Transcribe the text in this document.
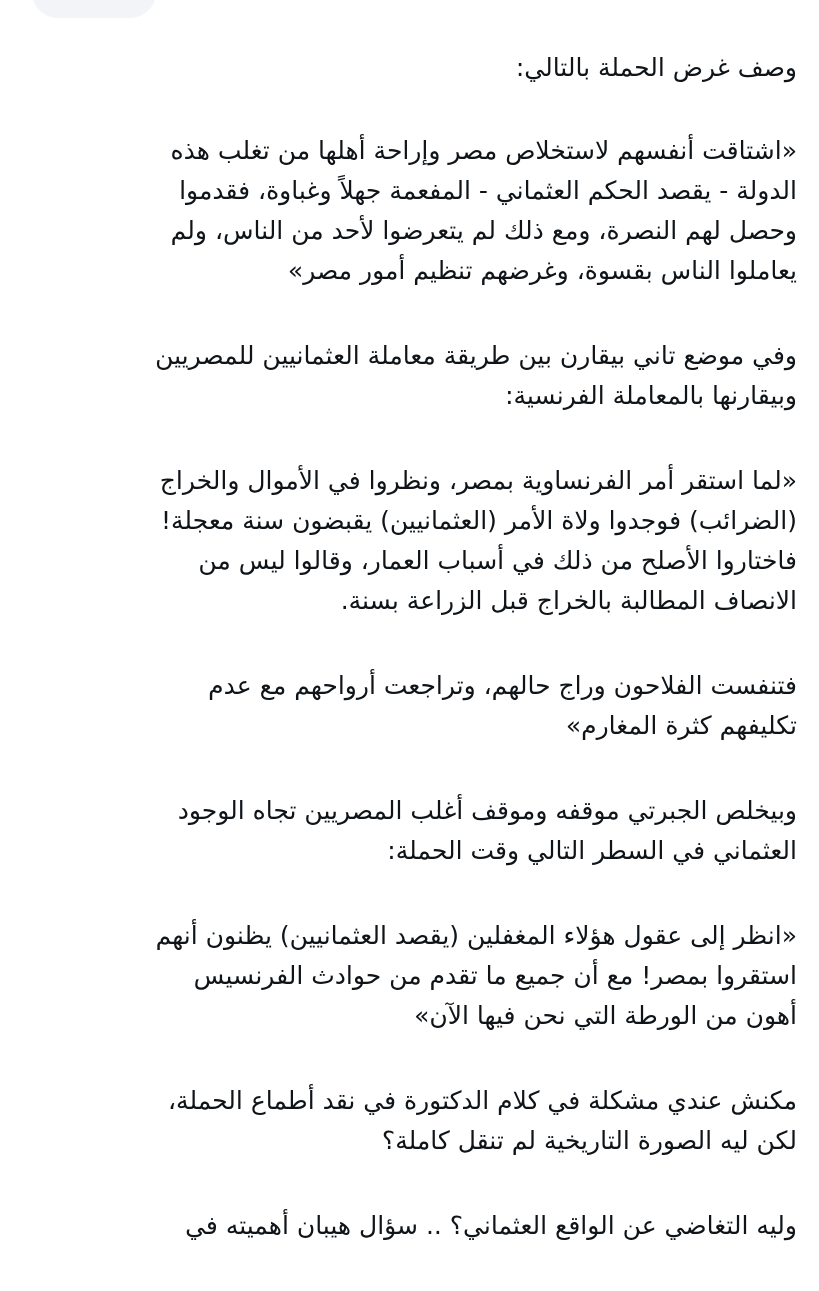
وصف غرض الحملة بالتالي:

«اشتاقت أنفسهم لاستخلاص مصر وإراحة أهلها من تغلب هذه
الدولة - يقصد الحكم العثماني - المفعمة جهلاً وغباوة، فقدموا
وحصل لهم النصرة، ومع ذلك لم يتعرضوا لأحد من الناس، ولم
يعاملوا الناس بقسوة، وغرضهم تنظيم أمور مصر»

وفي موضع تاني بيقارن بين طريقة معاملة العثمانيين للمصريين
وبيقارنها بالمعاملة الفرنسية:

«لما استقر أمر الفرنساوية بمصر، ونظروا في الأموال والخراج
(الضرائب) فوجدوا ولاة الأمر (العثمانيين) يقبضون سنة معجلة!
فاختاروا الأصلح من ذلك في أسباب العمار، وقالوا ليس من
الانصاف المطالبة بالخراج قبل الزراعة بسنة.

فتنفست الفلاحون وراج حالهم، وتراجعت أرواحهم مع عدم
تكليفهم كثرة المغارم»

وبيخلص الجبرتي موقفه وموقف أغلب المصريين تجاه الوجود
العثماني في السطر التالي وقت الحملة:

«انظر إلى عقول هؤلاء المغفلين (يقصد العثمانيين) يظنون أنهم
استقروا بمصر! مع أن جميع ما تقدم من حوادث الفرنسيس
أهون من الورطة التي نحن فيها الآن»

مكنش عندي مشكلة في كلام الدكتورة في نقد أطماع الحملة،
لكن ليه الصورة التاريخية لم تنقل كاملة؟

وليه التغاضي عن الواقع العثماني؟ .. سؤال هيبان أهميته في
